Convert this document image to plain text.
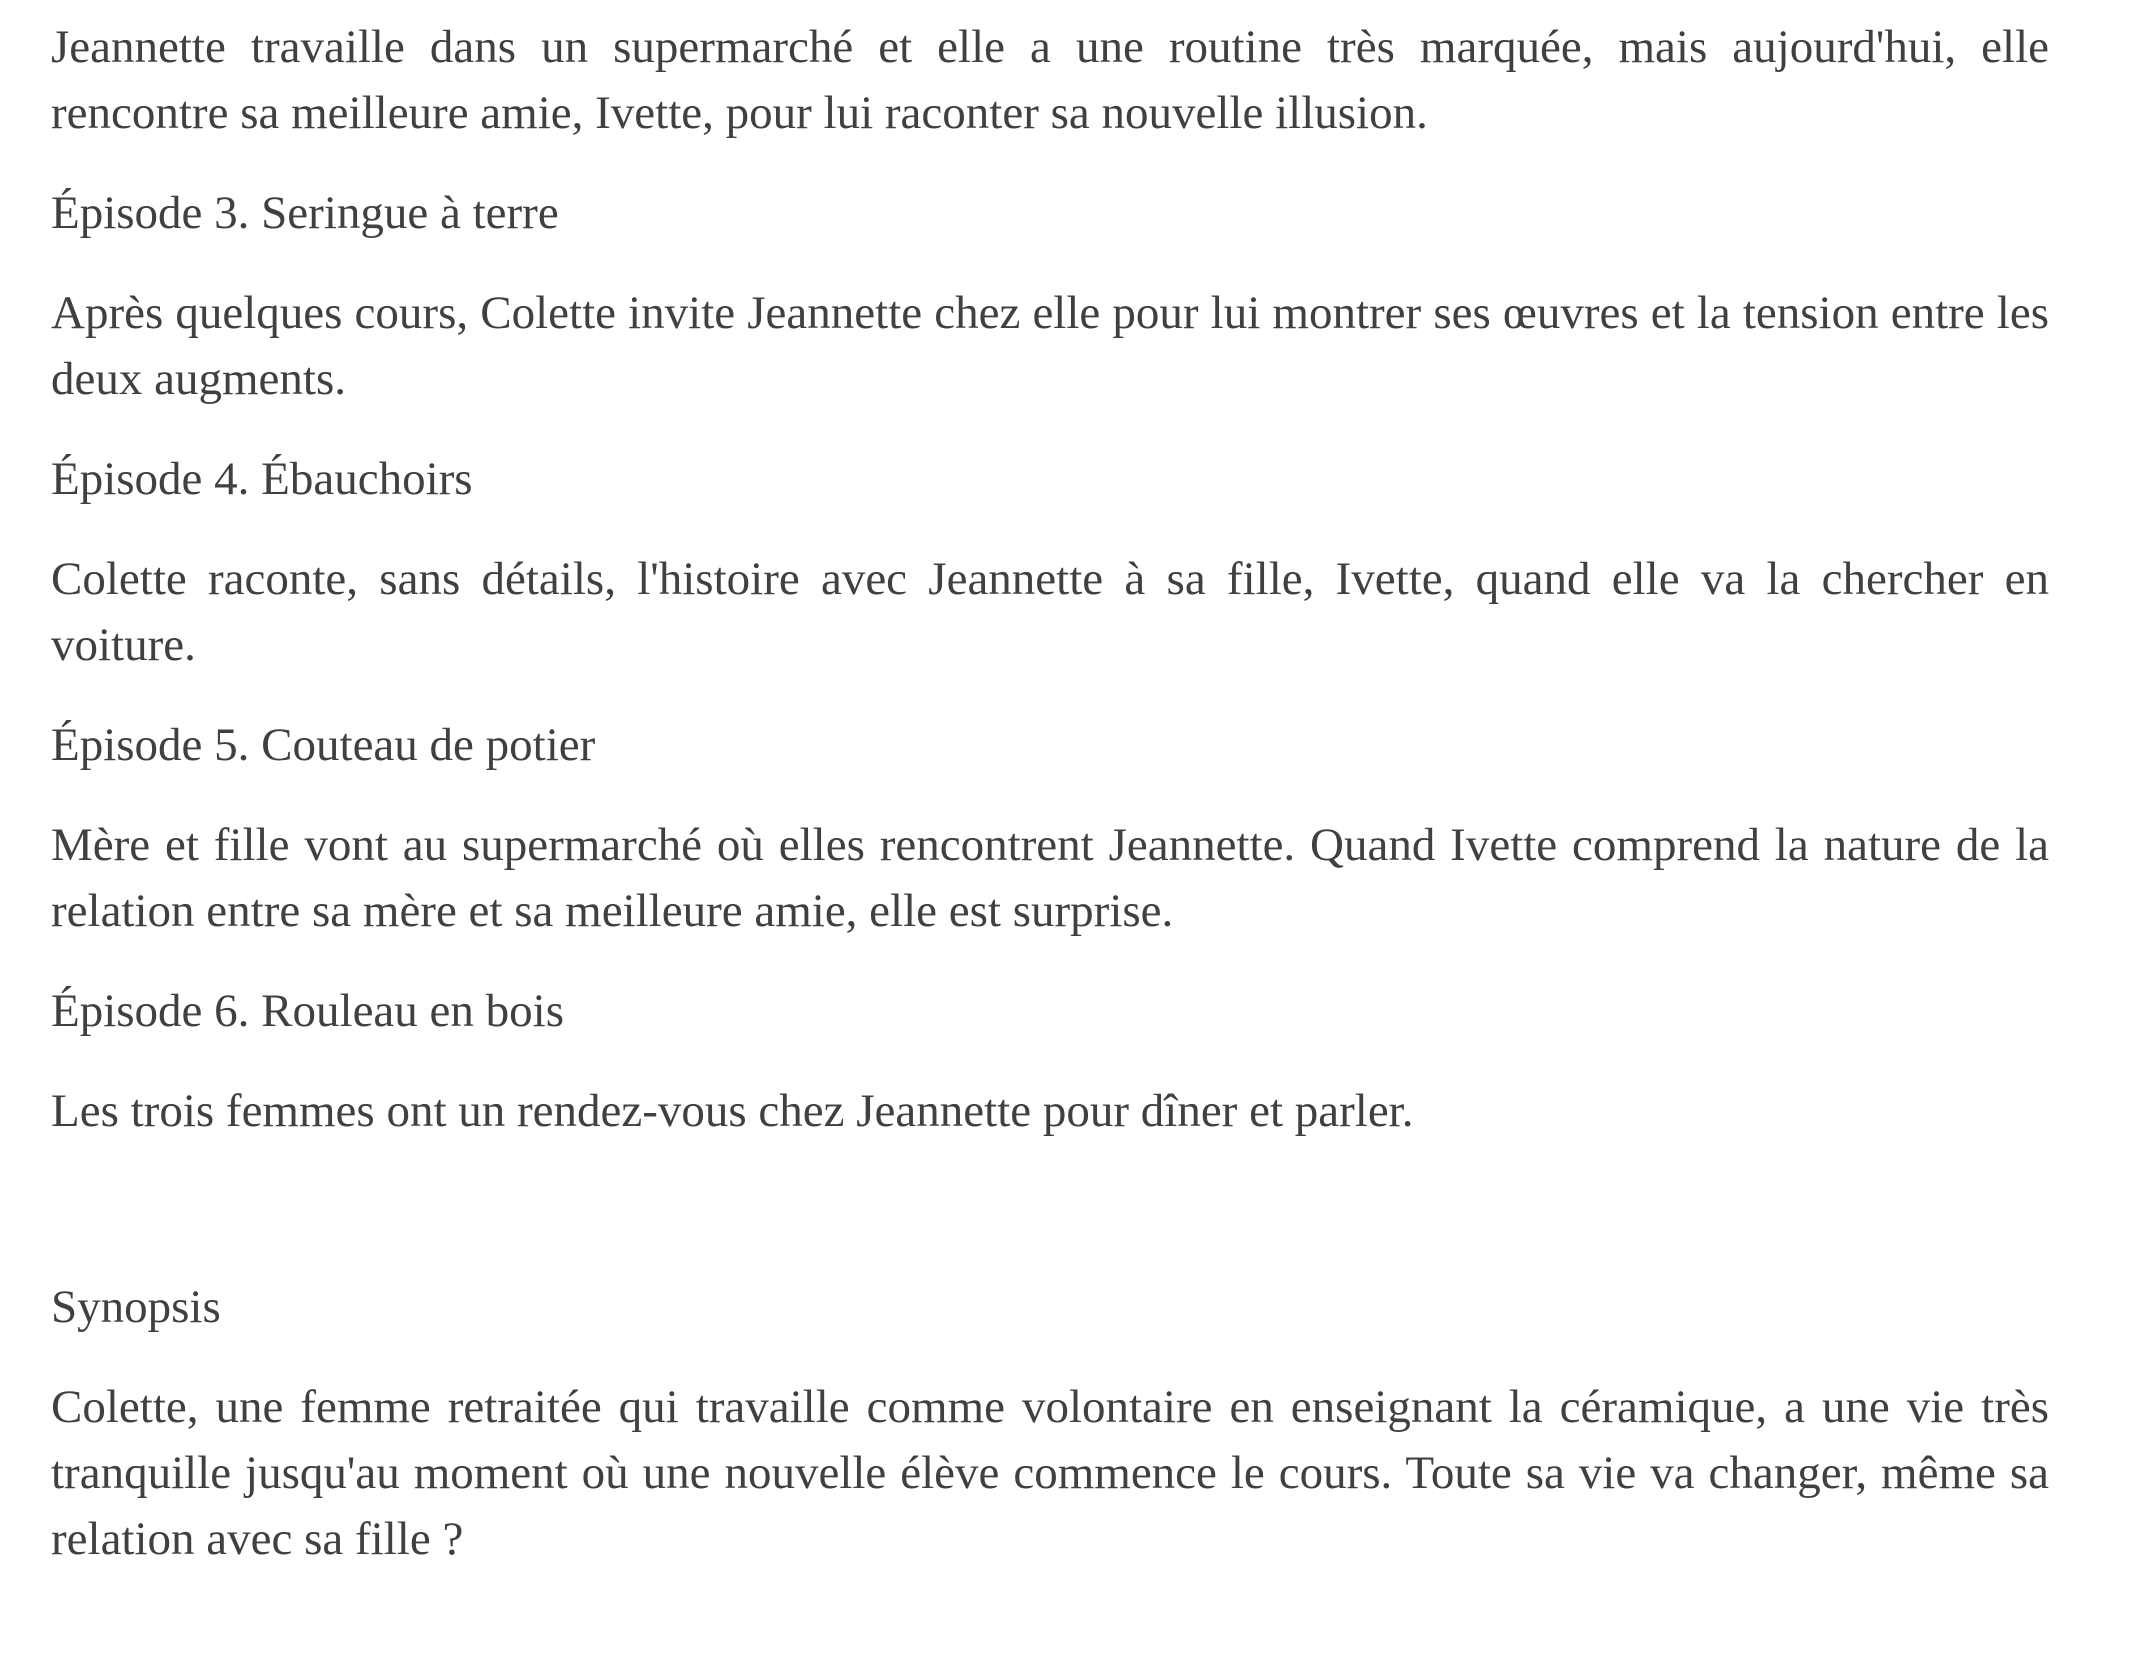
Jeannette travaille dans un supermarché et elle a une routine très marquée, mais aujourd'hui, elle rencontre sa meilleure amie, Ivette, pour lui raconter sa nouvelle illusion.

Épisode 3. Seringue à terre

Après quelques cours, Colette invite Jeannette chez elle pour lui montrer ses œuvres et la tension entre les deux augments.

Épisode 4. Ébauchoirs

Colette raconte, sans détails, l'histoire avec Jeannette à sa fille, Ivette, quand elle va la chercher en voiture.

Épisode 5. Couteau de potier

Mère et fille vont au supermarché où elles rencontrent Jeannette. Quand Ivette comprend la nature de la relation entre sa mère et sa meilleure amie, elle est surprise.

Épisode 6. Rouleau en bois

Les trois femmes ont un rendez-vous chez Jeannette pour dîner et parler.

Synopsis

Colette, une femme retraitée qui travaille comme volontaire en enseignant la céramique, a une vie très tranquille jusqu'au moment où une nouvelle élève commence le cours. Toute sa vie va changer, même sa relation avec sa fille ?
